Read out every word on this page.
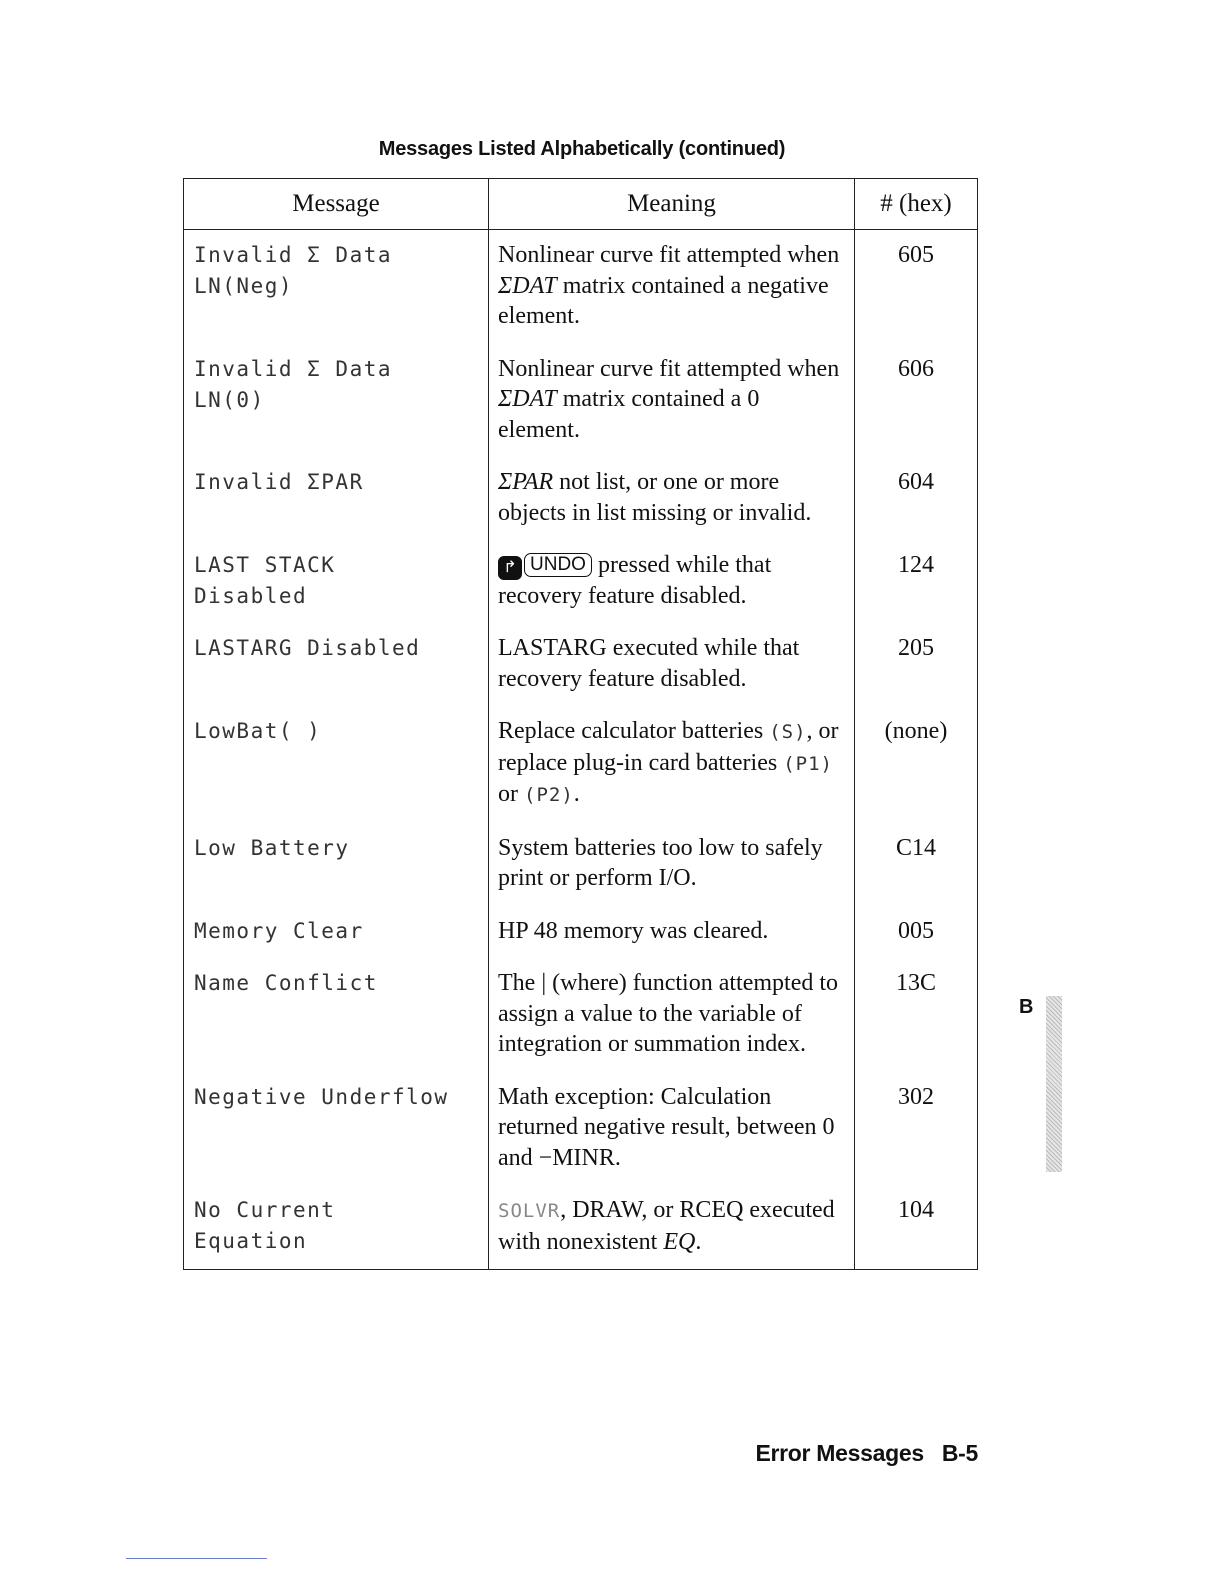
Messages Listed Alphabetically (continued)
Message	Meaning	# (hex)

Invalid Σ Data
LN(Neg)	Nonlinear curve fit attempted when ΣDAT matrix contained a negative element.	605

Invalid Σ Data
LN(0)	Nonlinear curve fit attempted when ΣDAT matrix contained a 0 element.	606

Invalid ΣPAR	ΣPAR not list, or one or more objects in list missing or invalid.	604

LAST STACK
Disabled	↱ UNDO pressed while that recovery feature disabled.	124

LASTARG Disabled	LASTARG executed while that recovery feature disabled.	205

LowBat( )	Replace calculator batteries (S), or replace plug-in card batteries (P1) or (P2).	(none)

Low Battery	System batteries too low to safely print or perform I/O.	C14

Memory Clear	HP 48 memory was cleared.	005

Name Conflict	The | (where) function attempted to assign a value to the variable of integration or summation index.	13C

Negative Underflow	Math exception: Calculation returned negative result, between 0 and −MINR.	302

No Current
Equation	SOLVR, DRAW, or RCEQ executed with nonexistent EQ.	104
B
Error Messages B-5
